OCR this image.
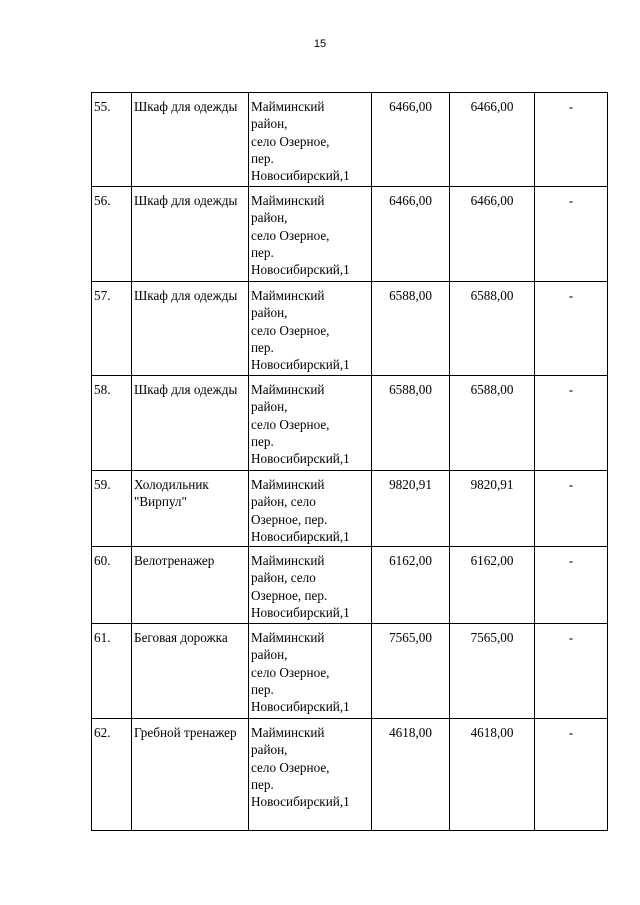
15
55.	Шкаф для одежды	Майминский
район,
село Озерное,
пер.
Новосибирский,1	6466,00	6466,00	-
56.	Шкаф для одежды	Майминский
район,
село Озерное,
пер.
Новосибирский,1	6466,00	6466,00	-
57.	Шкаф для одежды	Майминский
район,
село Озерное,
пер.
Новосибирский,1	6588,00	6588,00	-
58.	Шкаф для одежды	Майминский
район,
село Озерное,
пер.
Новосибирский,1	6588,00	6588,00	-
59.	Холодильник "Вирпул"	Майминский
район, село
Озерное, пер.
Новосибирский,1	9820,91	9820,91	-
60.	Велотренажер	Майминский
район, село
Озерное, пер.
Новосибирский,1	6162,00	6162,00	-
61.	Беговая дорожка	Майминский
район,
село Озерное,
пер.
Новосибирский,1	7565,00	7565,00	-
62.	Гребной тренажер	Майминский
район,
село Озерное,
пер.
Новосибирский,1	4618,00	4618,00	-
